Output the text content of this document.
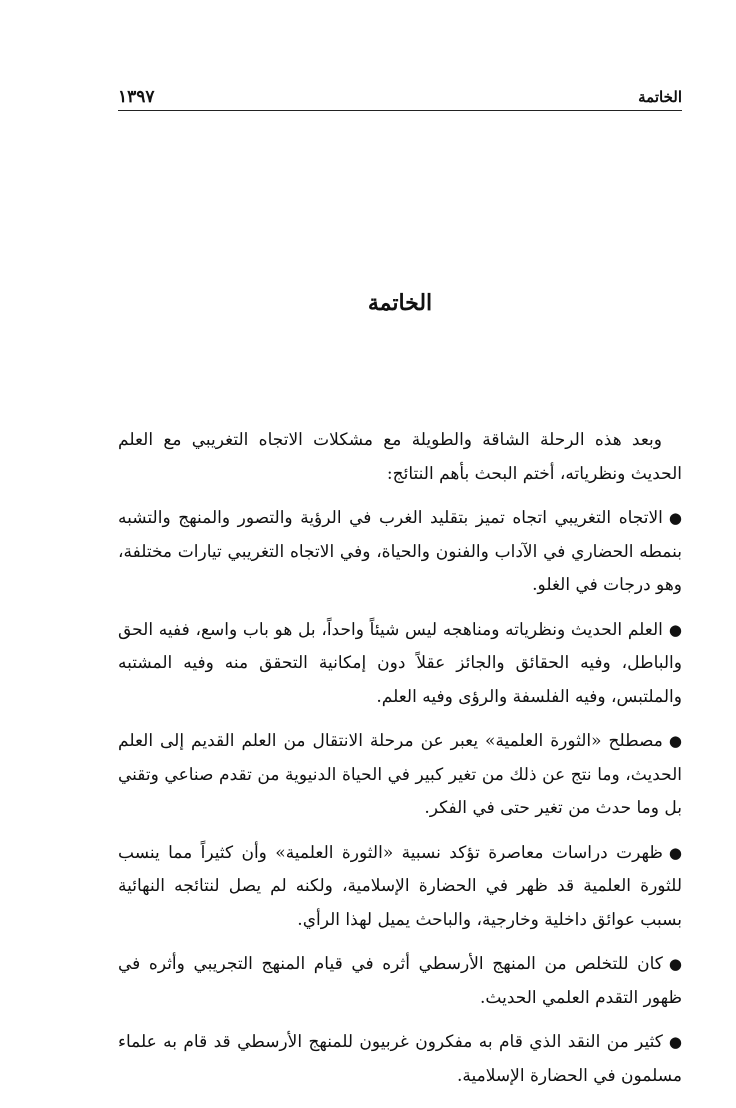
الخاتمة
١٣٩٧
الخاتمة

وبعد هذه الرحلة الشاقة والطويلة مع مشكلات الاتجاه التغريبي مع العلم الحديث ونظرياته، أختم البحث بأهم النتائج:

●الاتجاه التغريبي اتجاه تميز بتقليد الغرب في الرؤية والتصور والمنهج والتشبه بنمطه الحضاري في الآداب والفنون والحياة، وفي الاتجاه التغريبي تيارات مختلفة، وهو درجات في الغلو.

●العلم الحديث ونظرياته ومناهجه ليس شيئاً واحداً، بل هو باب واسع، ففيه الحق والباطل، وفيه الحقائق والجائز عقلاً دون إمكانية التحقق منه وفيه المشتبه والملتبس، وفيه الفلسفة والرؤى وفيه العلم.

●مصطلح «الثورة العلمية» يعبر عن مرحلة الانتقال من العلم القديم إلى العلم الحديث، وما نتج عن ذلك من تغير كبير في الحياة الدنيوية من تقدم صناعي وتقني بل وما حدث من تغير حتى في الفكر.

●ظهرت دراسات معاصرة تؤكد نسبية «الثورة العلمية» وأن كثيراً مما ينسب للثورة العلمية قد ظهر في الحضارة الإسلامية، ولكنه لم يصل لنتائجه النهائية بسبب عوائق داخلية وخارجية، والباحث يميل لهذا الرأي.

●كان للتخلص من المنهج الأرسطي أثره في قيام المنهج التجريبي وأثره في ظهور التقدم العلمي الحديث.

●كثير من النقد الذي قام به مفكرون غربيون للمنهج الأرسطي قد قام به علماء مسلمون في الحضارة الإسلامية.
